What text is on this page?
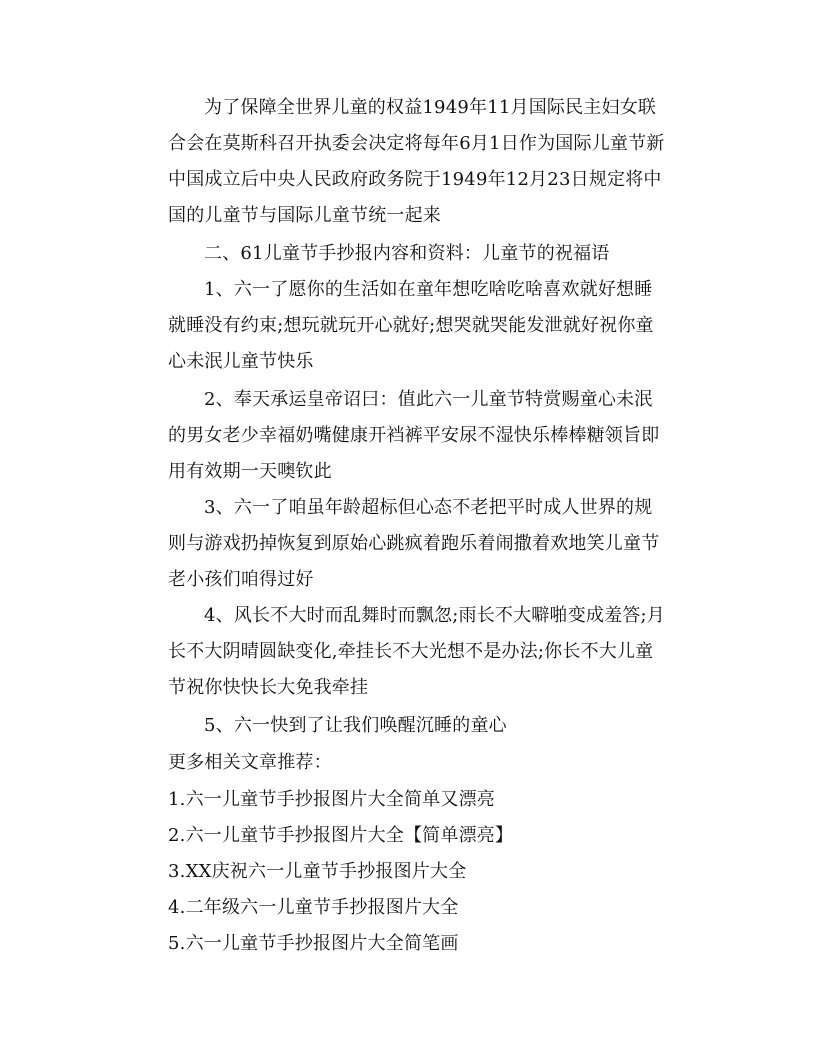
为了保障全世界儿童的权益1949年11月国际民主妇女联合会在莫斯科召开执委会决定将每年6月1日作为国际儿童节新中国成立后中央人民政府政务院于1949年12月23日规定将中国的儿童节与国际儿童节统一起来

二、61儿童节手抄报内容和资料：儿童节的祝福语

1、六一了愿你的生活如在童年想吃啥吃啥喜欢就好想睡就睡没有约束;想玩就玩开心就好;想哭就哭能发泄就好祝你童心未泯儿童节快乐

2、奉天承运皇帝诏曰：值此六一儿童节特赏赐童心未泯的男女老少幸福奶嘴健康开裆裤平安尿不湿快乐棒棒糖领旨即用有效期一天噢钦此

3、六一了咱虽年龄超标但心态不老把平时成人世界的规则与游戏扔掉恢复到原始心跳疯着跑乐着闹撒着欢地笑儿童节老小孩们咱得过好

4、风长不大时而乱舞时而飘忽;雨长不大噼啪变成羞答;月长不大阴晴圆缺变化,牵挂长不大光想不是办法;你长不大儿童节祝你快快长大免我牵挂

5、六一快到了让我们唤醒沉睡的童心

更多相关文章推荐：

1.六一儿童节手抄报图片大全简单又漂亮

2.六一儿童节手抄报图片大全【简单漂亮】

3.XX庆祝六一儿童节手抄报图片大全

4.二年级六一儿童节手抄报图片大全

5.六一儿童节手抄报图片大全简笔画
